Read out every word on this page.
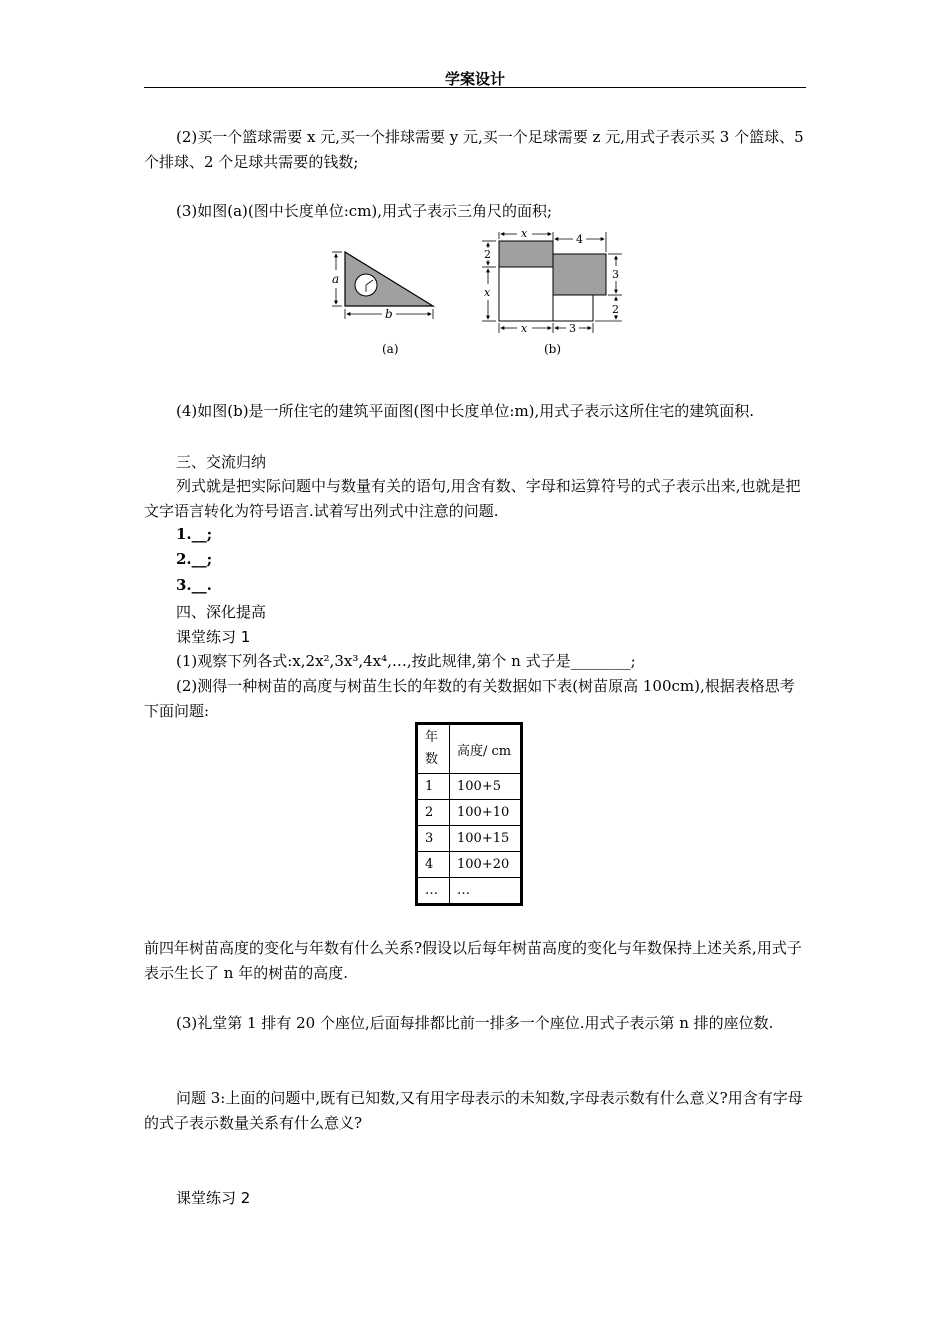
学案设计
(2)买一个篮球需要 x 元,买一个排球需要 y 元,买一个足球需要 z 元,用式子表示买 3 个篮球、5 个排球、2 个足球共需要的钱数;
(3)如图(a)(图中长度单位:cm),用式子表示三角尺的面积;
a
b
(a)
2
x
x	4
3
2
x	3
(b)
(4)如图(b)是一所住宅的建筑平面图(图中长度单位:m),用式子表示这所住宅的建筑面积.
三、交流归纳
列式就是把实际问题中与数量有关的语句,用含有数、字母和运算符号的式子表示出来,也就是把文字语言转化为符号语言.试着写出列式中注意的问题.
1.__;
2.__;
3.__.
四、深化提高
课堂练习 1
(1)观察下列各式:x,2x²,3x³,4x⁴,…,按此规律,第个 n 式子是________;
(2)测得一种树苗的高度与树苗生长的年数的有关数据如下表(树苗原高 100cm),根据表格思考下面问题:
年数	高度/ cm
1	100+5
2	100+10
3	100+15
4	100+20
…	…
前四年树苗高度的变化与年数有什么关系?假设以后每年树苗高度的变化与年数保持上述关系,用式子表示生长了 n 年的树苗的高度.
(3)礼堂第 1 排有 20 个座位,后面每排都比前一排多一个座位.用式子表示第 n 排的座位数.
问题 3:上面的问题中,既有已知数,又有用字母表示的未知数,字母表示数有什么意义?用含有字母的式子表示数量关系有什么意义?
课堂练习 2
